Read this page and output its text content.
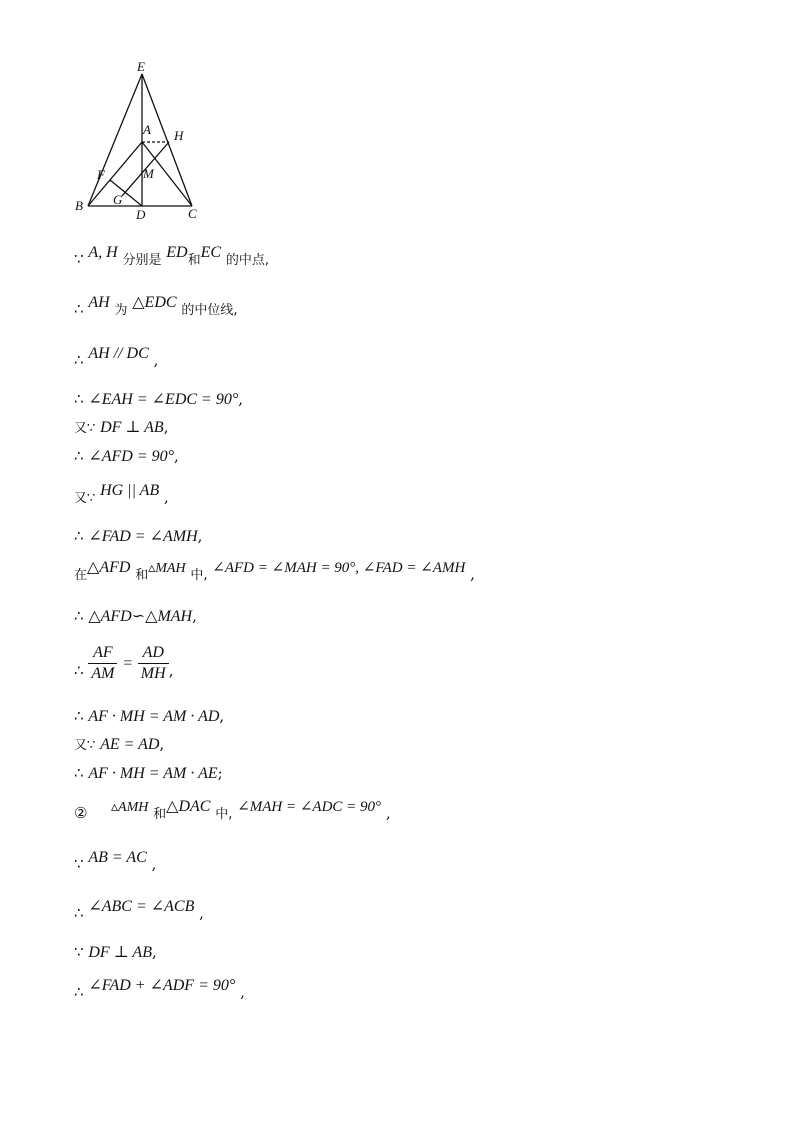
E
A H
M
F
B G
D	C
∵ A, H 分别是 ED和EC 的中点,
∴ AH 为 △EDC 的中位线,
∴ AH // DC ,
∴ ∠EAH = ∠EDC = 90°,
又∵ DF ⊥ AB,
∴ ∠AFD = 90°,
又∵ HG || AB ,
∴ ∠FAD = ∠AMH,
在△AFD 和▵MAH 中, ∠AFD = ∠MAH = 90°, ∠FAD = ∠AMH ,
∴ △AFD∽△MAH,
∴ $\frac{AF}{AM} = \frac{AD}{MH}$ ,
∴ AF · MH = AM · AD,
又∵ AE = AD,
∴ AF · MH = AM · AE;
② ▵AMH 和△DAC 中, ∠MAH = ∠ADC = 90° ,
∵ AB = AC ,
∴ ∠ABC = ∠ACB ,
∵ DF ⊥ AB,
∴ ∠FAD + ∠ADF = 90° ,
